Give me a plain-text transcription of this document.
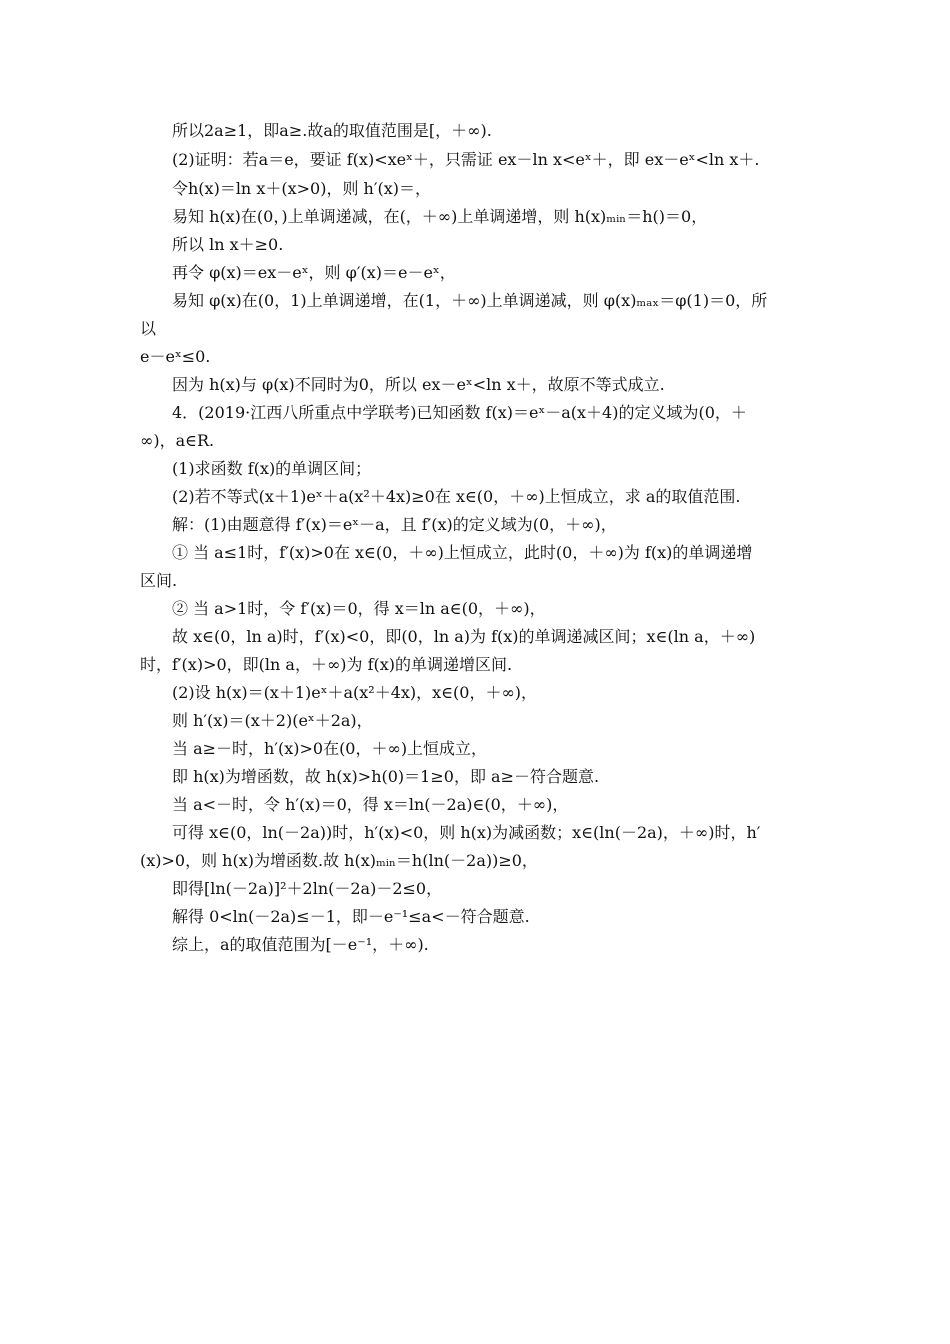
所以2a≥1，即a≥.故a的取值范围是[，＋∞).
(2)证明：若a＝e，要证 f(x)<xeˣ＋，只需证 ex－ln x<eˣ＋，即 ex－eˣ<ln x＋.
令h(x)＝ln x＋(x>0)，则 h′(x)＝，
易知 h(x)在(0，)上单调递减，在(，＋∞)上单调递增，则 h(x)ₘᵢₙ＝h()＝0，
所以 ln x＋≥0.
再令 φ(x)＝ex－eˣ，则 φ′(x)＝e－eˣ，
易知 φ(x)在(0，1)上单调递增，在(1，＋∞)上单调递减，则 φ(x)ₘₐₓ＝φ(1)＝0，所
以
e－eˣ≤0.
因为 h(x)与 φ(x)不同时为0，所以 ex－eˣ<ln x＋，故原不等式成立.
4．(2019·江西八所重点中学联考)已知函数 f(x)＝eˣ－a(x＋4)的定义域为(0，＋
∞)，a∈R.
(1)求函数 f(x)的单调区间；
(2)若不等式(x＋1)eˣ＋a(x²＋4x)≥0在 x∈(0，＋∞)上恒成立，求 a的取值范围.
解：(1)由题意得 f′(x)＝eˣ－a，且 f′(x)的定义域为(0，＋∞)，
① 当 a≤1时，f′(x)>0在 x∈(0，＋∞)上恒成立，此时(0，＋∞)为 f(x)的单调递增
区间.
② 当 a>1时，令 f′(x)＝0，得 x＝ln a∈(0，＋∞)，
故 x∈(0，ln a)时，f′(x)<0，即(0，ln a)为 f(x)的单调递减区间；x∈(ln a，＋∞)
时，f′(x)>0，即(ln a，＋∞)为 f(x)的单调递增区间.
(2)设 h(x)＝(x＋1)eˣ＋a(x²＋4x)，x∈(0，＋∞)，
则 h′(x)＝(x＋2)(eˣ＋2a)，
当 a≥－时，h′(x)>0在(0，＋∞)上恒成立，
即 h(x)为增函数，故 h(x)>h(0)＝1≥0，即 a≥－符合题意.
当 a<－时，令 h′(x)＝0，得 x＝ln(－2a)∈(0，＋∞)，
可得 x∈(0，ln(－2a))时，h′(x)<0，则 h(x)为减函数；x∈(ln(－2a)，＋∞)时，h′
(x)>0，则 h(x)为增函数.故 h(x)ₘᵢₙ＝h(ln(－2a))≥0，
即得[ln(－2a)]²＋2ln(－2a)－2≤0，
解得 0<ln(－2a)≤－1，即－e⁻¹≤a<－符合题意.
综上，a的取值范围为[－e⁻¹，＋∞).
